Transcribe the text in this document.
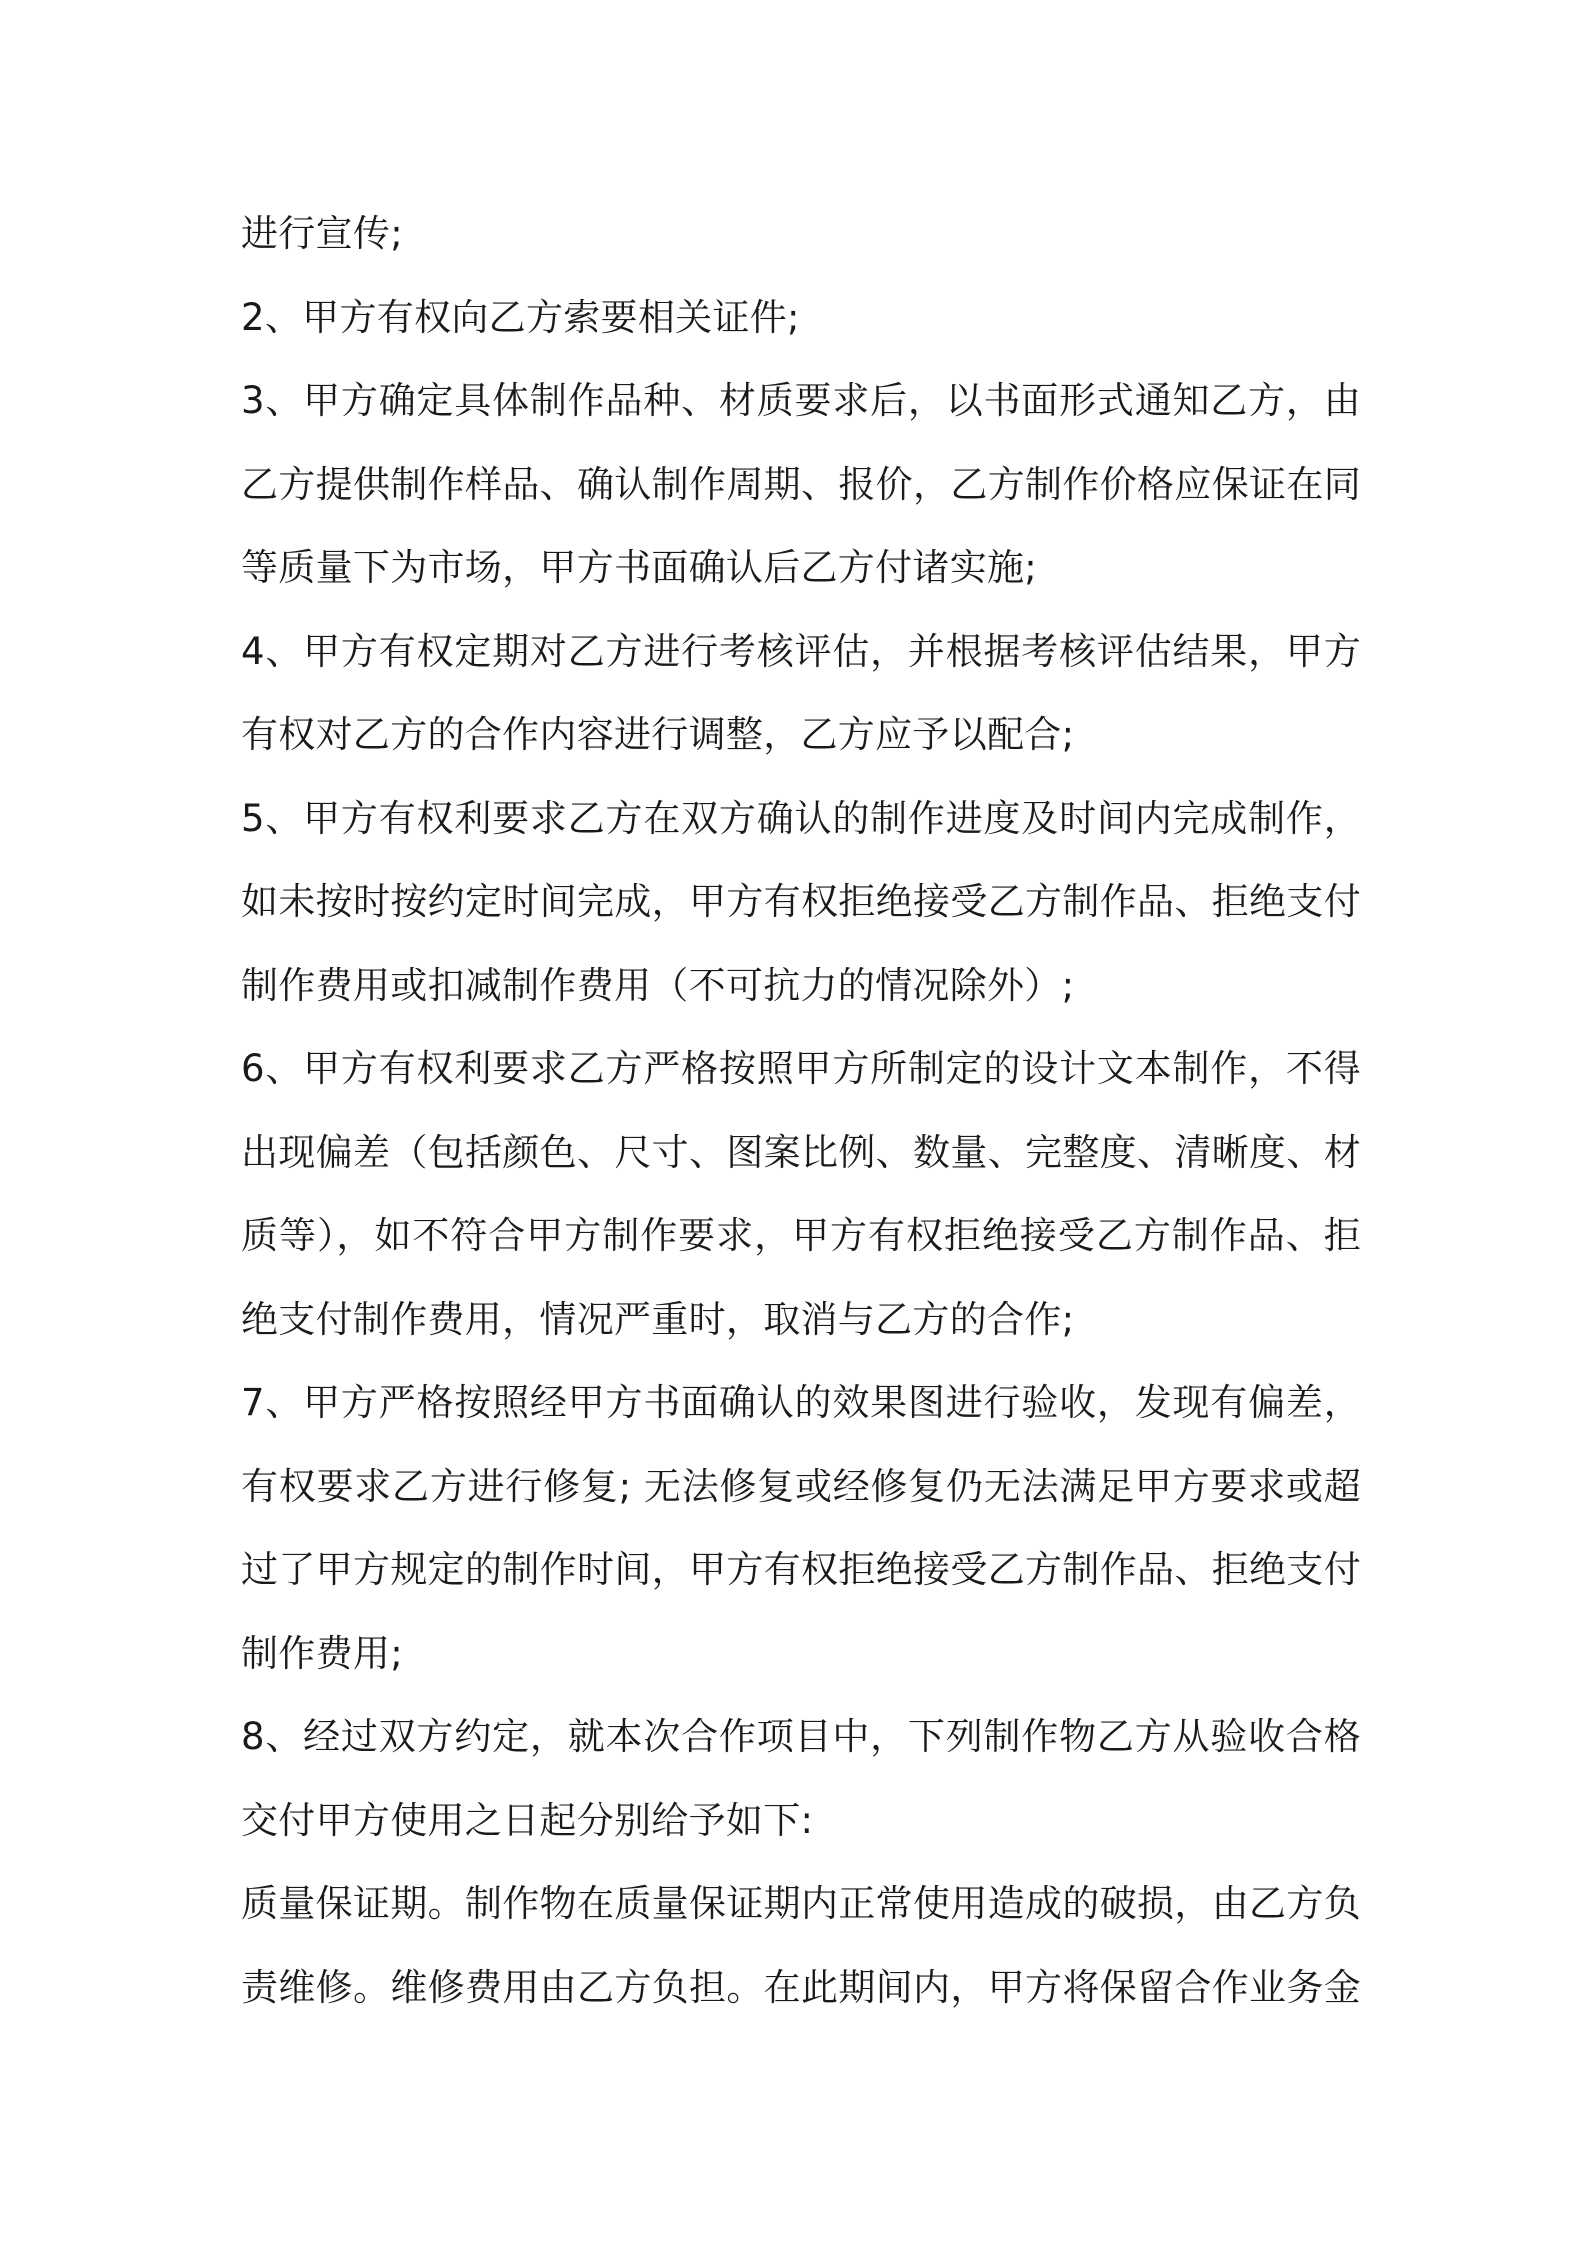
进行宣传;
2、甲方有权向乙方索要相关证件;
3、甲方确定具体制作品种、材质要求后，以书面形式通知乙方，由
乙方提供制作样品、确认制作周期、报价，乙方制作价格应保证在同
等质量下为市场，甲方书面确认后乙方付诸实施;
4、甲方有权定期对乙方进行考核评估，并根据考核评估结果，甲方
有权对乙方的合作内容进行调整，乙方应予以配合;
5、甲方有权利要求乙方在双方确认的制作进度及时间内完成制作，
如未按时按约定时间完成，甲方有权拒绝接受乙方制作品、拒绝支付
制作费用或扣减制作费用（不可抗力的情况除外）;
6、甲方有权利要求乙方严格按照甲方所制定的设计文本制作，不得
出现偏差（包括颜色、尺寸、图案比例、数量、完整度、清晰度、材
质等），如不符合甲方制作要求，甲方有权拒绝接受乙方制作品、拒
绝支付制作费用，情况严重时，取消与乙方的合作;
7、甲方严格按照经甲方书面确认的效果图进行验收，发现有偏差，
有权要求乙方进行修复; 无法修复或经修复仍无法满足甲方要求或超
过了甲方规定的制作时间，甲方有权拒绝接受乙方制作品、拒绝支付
制作费用;
8、经过双方约定，就本次合作项目中，下列制作物乙方从验收合格
交付甲方使用之日起分别给予如下:
质量保证期。制作物在质量保证期内正常使用造成的破损，由乙方负
责维修。维修费用由乙方负担。在此期间内，甲方将保留合作业务金
